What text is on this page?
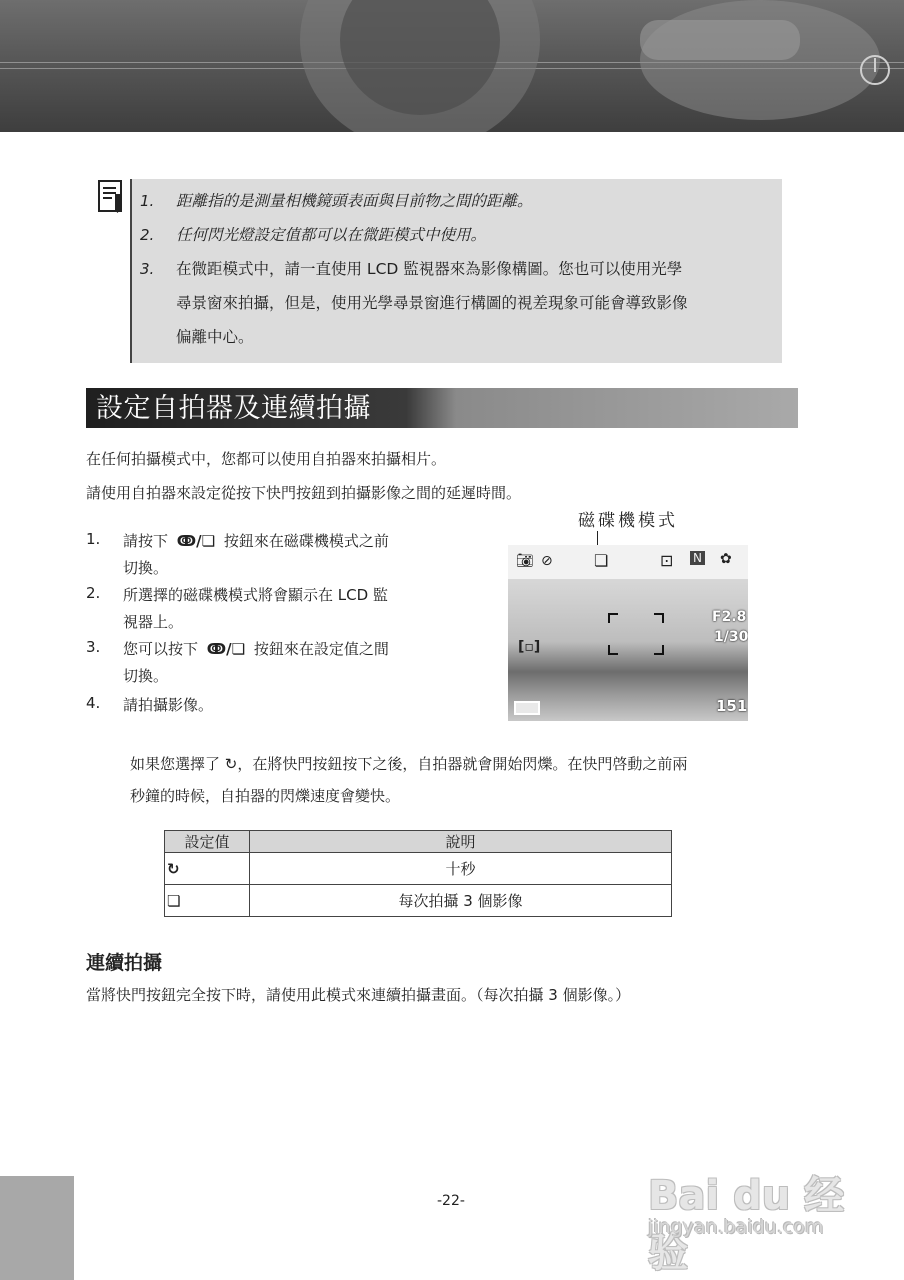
1. 距離指的是測量相機鏡頭表面與目前物之間的距離。
2. 任何閃光燈設定值都可以在微距模式中使用。
3. 在微距模式中，請一直使用 LCD 監視器來為影像構圖。您也可以使用光學
尋景窗來拍攝，但是，使用光學尋景窗進行構圖的視差現象可能會導致影像
偏離中心。
設定自拍器及連續拍攝
在任何拍攝模式中，您都可以使用自拍器來拍攝相片。
請使用自拍器來設定從按下快門按鈕到拍攝影像之間的延遲時間。
1. 請按下 ↂ/❏ 按鈕來在磁碟機模式之前
切換。
2. 所選擇的磁碟機模式將會顯示在 LCD 監
視器上。
3. 您可以按下 ↂ/❏ 按鈕來在設定值之間
切換。
4. 請拍攝影像。
磁碟機模式
📷︎ ⊘	❏	⊡ N ✿
[▫]
F2.8
1/30
151
如果您選擇了 ↻，在將快門按鈕按下之後，自拍器就會開始閃爍。在快門啓動之前兩
秒鐘的時候，自拍器的閃爍速度會變快。
設定值	說明
↻	十秒
❏	每次拍攝 3 個影像
連續拍攝
當將快門按鈕完全按下時，請使用此模式來連續拍攝畫面。（每次拍攝 3 個影像。）
-22-	Bai du 经验
jingyan.baidu.com
